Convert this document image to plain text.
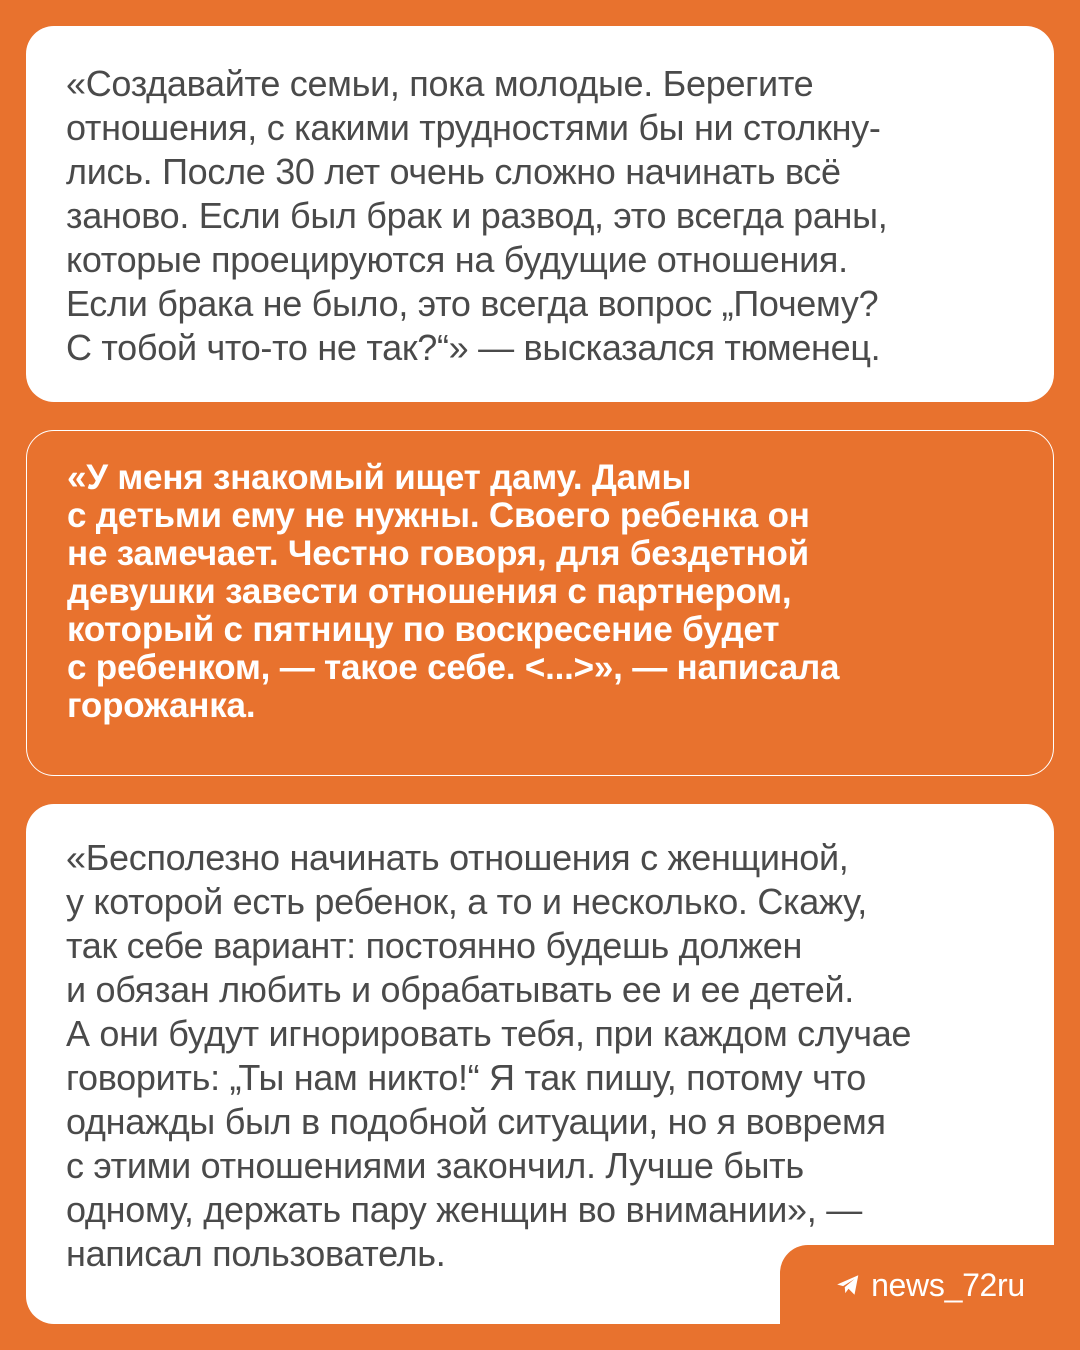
«Создавайте семьи, пока молодые. Берегите
отношения, с какими трудностями бы ни столкну-
лись. После 30 лет очень сложно начинать всё
заново. Если был брак и развод, это всегда раны,
которые проецируются на будущие отношения.
Если брака не было, это всегда вопрос „Почему?
С тобой что-то не так?“» — высказался тюменец.

«У меня знакомый ищет даму. Дамы
с детьми ему не нужны. Своего ребенка он
не замечает. Честно говоря, для бездетной
девушки завести отношения с партнером,
который с пятницу по воскресение будет
с ребенком, — такое себе. <...>», — написала
горожанка.

«Бесполезно начинать отношения с женщиной,
у которой есть ребенок, а то и несколько. Скажу,
так себе вариант: постоянно будешь должен
и обязан любить и обрабатывать ее и ее детей.
А они будут игнорировать тебя, при каждом случае
говорить: „Ты нам никто!“ Я так пишу, потому что
однажды был в подобной ситуации, но я вовремя
с этими отношениями закончил. Лучше быть
одному, держать пару женщин во внимании», —
написал пользователь.

news_72ru
